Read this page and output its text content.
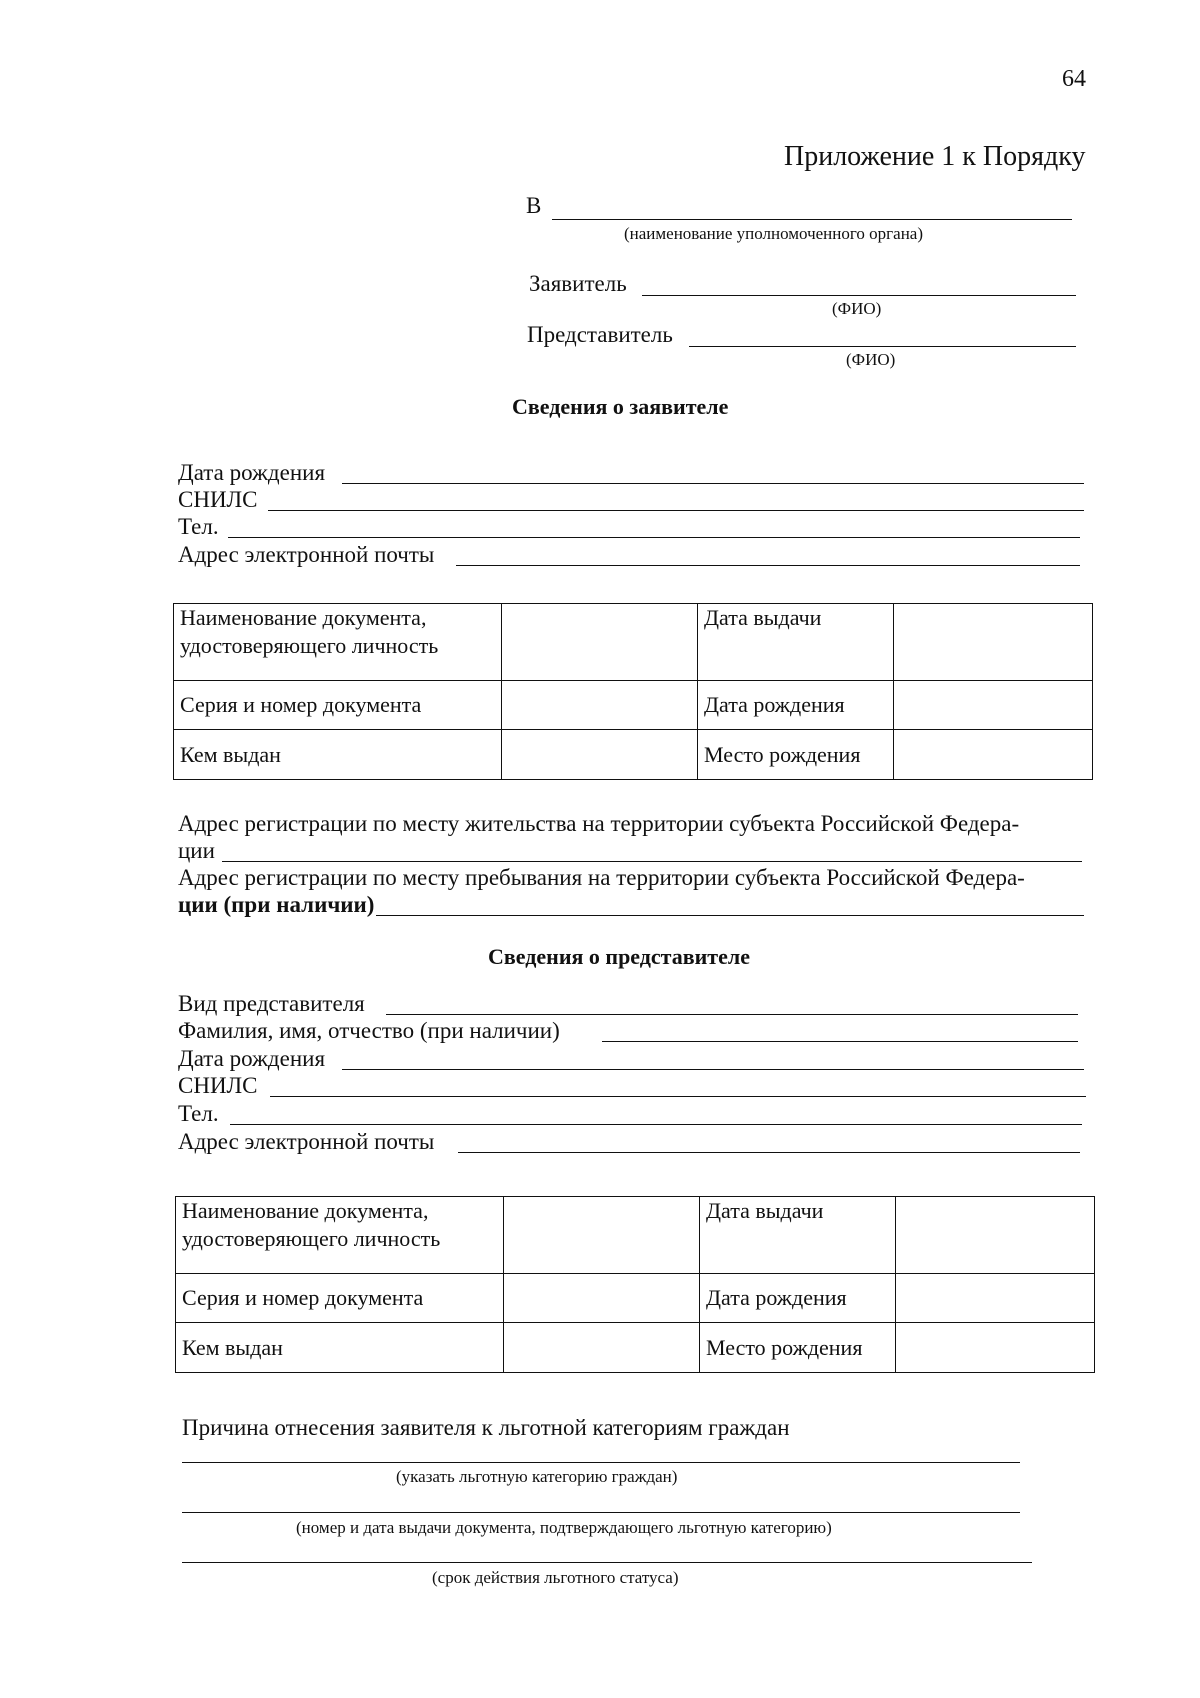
64
Приложение 1 к Порядку
В
(наименование уполномоченного органа)
Заявитель
(ФИО)
Представитель
(ФИО)
Сведения о заявителе
Дата рождения
СНИЛС
Тел.
Адрес электронной почты
Наименование документа, удостоверяющего личность		Дата выдачи	
Серия и номер документа		Дата рождения	
Кем выдан		Место рождения	
Адрес регистрации по месту жительства на территории субъекта Российской Федера-
ции
Адрес регистрации по месту пребывания на территории субъекта Российской Федера-
ции (при наличии)
Сведения о представителе
Вид представителя
Фамилия, имя, отчество (при наличии)
Дата рождения
СНИЛС
Тел.
Адрес электронной почты
Наименование документа, удостоверяющего личность		Дата выдачи	
Серия и номер документа		Дата рождения	
Кем выдан		Место рождения	
Причина отнесения заявителя к льготной категориям граждан
(указать льготную категорию граждан)
(номер и дата выдачи документа, подтверждающего льготную категорию)
(срок действия льготного статуса)
